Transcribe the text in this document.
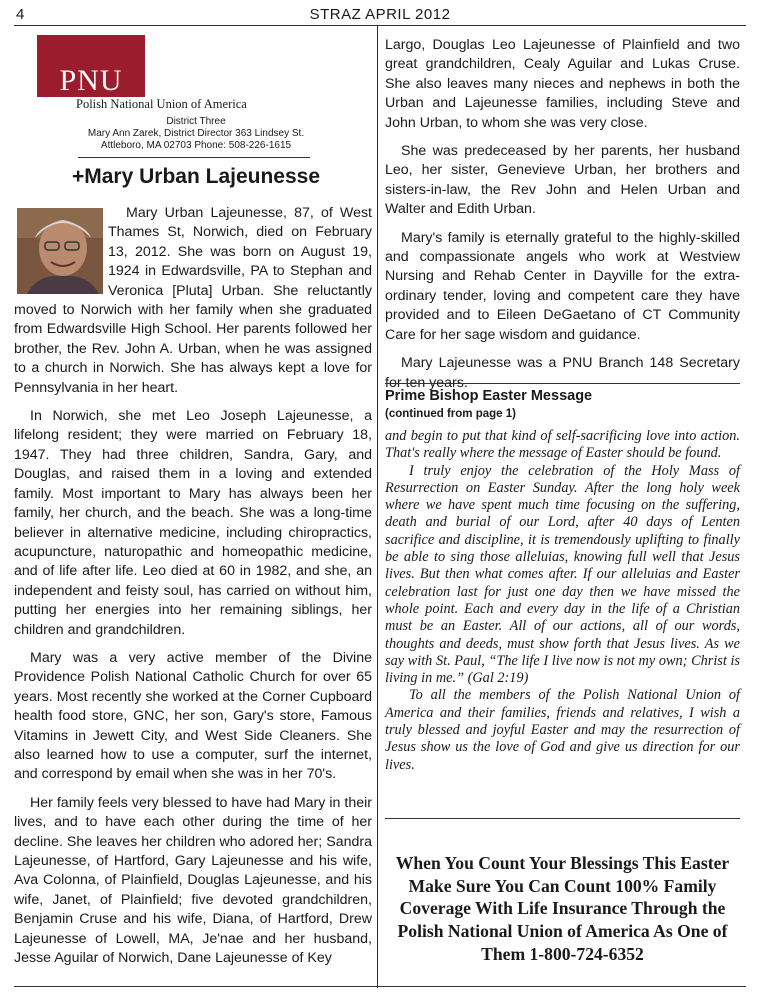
4	STRAZ APRIL 2012
PNU
Polish National Union of America
District Three
Mary Ann Zarek, District Director 363 Lindsey St.
Attleboro, MA 02703 Phone: 508-226-1615
+Mary Urban Lajeunesse

Mary Urban Lajeunesse, 87, of West Thames St, Norwich, died on February 13, 2012. She was born on August 19, 1924 in Edwardsville, PA to Stephan and Veronica [Pluta] Urban. She reluctantly moved to Norwich with her family when she graduated from Edwardsville High School. Her parents followed her brother, the Rev. John A. Urban, when he was assigned to a church in Norwich. She has always kept a love for Pennsylvania in her heart.

In Norwich, she met Leo Joseph Lajeunesse, a lifelong resident; they were married on February 18, 1947. They had three children, Sandra, Gary, and Douglas, and raised them in a loving and extended family. Most important to Mary has always been her family, her church, and the beach. She was a long-time believer in alternative medicine, including chiropractics, acupuncture, naturopathic and homeopathic medicine, and of life after life. Leo died at 60 in 1982, and she, an independent and feisty soul, has carried on without him, putting her energies into her remaining siblings, her children and grandchildren.

Mary was a very active member of the Divine Providence Polish National Catholic Church for over 65 years. Most recently she worked at the Corner Cupboard health food store, GNC, her son, Gary's store, Famous Vitamins in Jewett City, and West Side Cleaners. She also learned how to use a computer, surf the internet, and correspond by email when she was in her 70's.

Her family feels very blessed to have had Mary in their lives, and to have each other during the time of her decline. She leaves her children who adored her; Sandra Lajeunesse, of Hartford, Gary Lajeunesse and his wife, Ava Colonna, of Plainfield, Douglas Lajeunesse, and his wife, Janet, of Plainfield; five devoted grandchildren, Benjamin Cruse and his wife, Diana, of Hartford, Drew Lajeunesse of Lowell, MA, Je'nae and her husband, Jesse Aguilar of Norwich, Dane Lajeunesse of Key

Largo, Douglas Leo Lajeunesse of Plainfield and two great grandchildren, Cealy Aguilar and Lukas Cruse. She also leaves many nieces and nephews in both the Urban and Lajeunesse families, including Steve and John Urban, to whom she was very close.

She was predeceased by her parents, her husband Leo, her sister, Genevieve Urban, her brothers and sisters-in-law, the Rev John and Helen Urban and Walter and Edith Urban.

Mary's family is eternally grateful to the highly-skilled and compassionate angels who work at Westview Nursing and Rehab Center in Dayville for the extra-ordinary tender, loving and competent care they have provided and to Eileen DeGaetano of CT Community Care for her sage wisdom and guidance.

Mary Lajeunesse was a PNU Branch 148 Secretary for ten years.

Prime Bishop Easter Message
(continued from page 1)

and begin to put that kind of self-sacrificing love into action. That's really where the message of Easter should be found.

I truly enjoy the celebration of the Holy Mass of Resurrection on Easter Sunday. After the long holy week where we have spent much time focusing on the suffering, death and burial of our Lord, after 40 days of Lenten sacrifice and discipline, it is tremendously uplifting to finally be able to sing those alleluias, knowing full well that Jesus lives. But then what comes after. If our alleluias and Easter celebration last for just one day then we have missed the whole point. Each and every day in the life of a Christian must be an Easter. All of our actions, all of our words, thoughts and deeds, must show forth that Jesus lives. As we say with St. Paul, “The life I live now is not my own; Christ is living in me.” (Gal 2:19)

To all the members of the Polish National Union of America and their families, friends and relatives, I wish a truly blessed and joyful Easter and may the resurrection of Jesus show us the love of God and give us direction for our lives.

When You Count Your Blessings This Easter Make Sure You Can Count 100% Family Coverage With Life Insurance Through the Polish National Union of America As One of Them 1-800-724-6352
